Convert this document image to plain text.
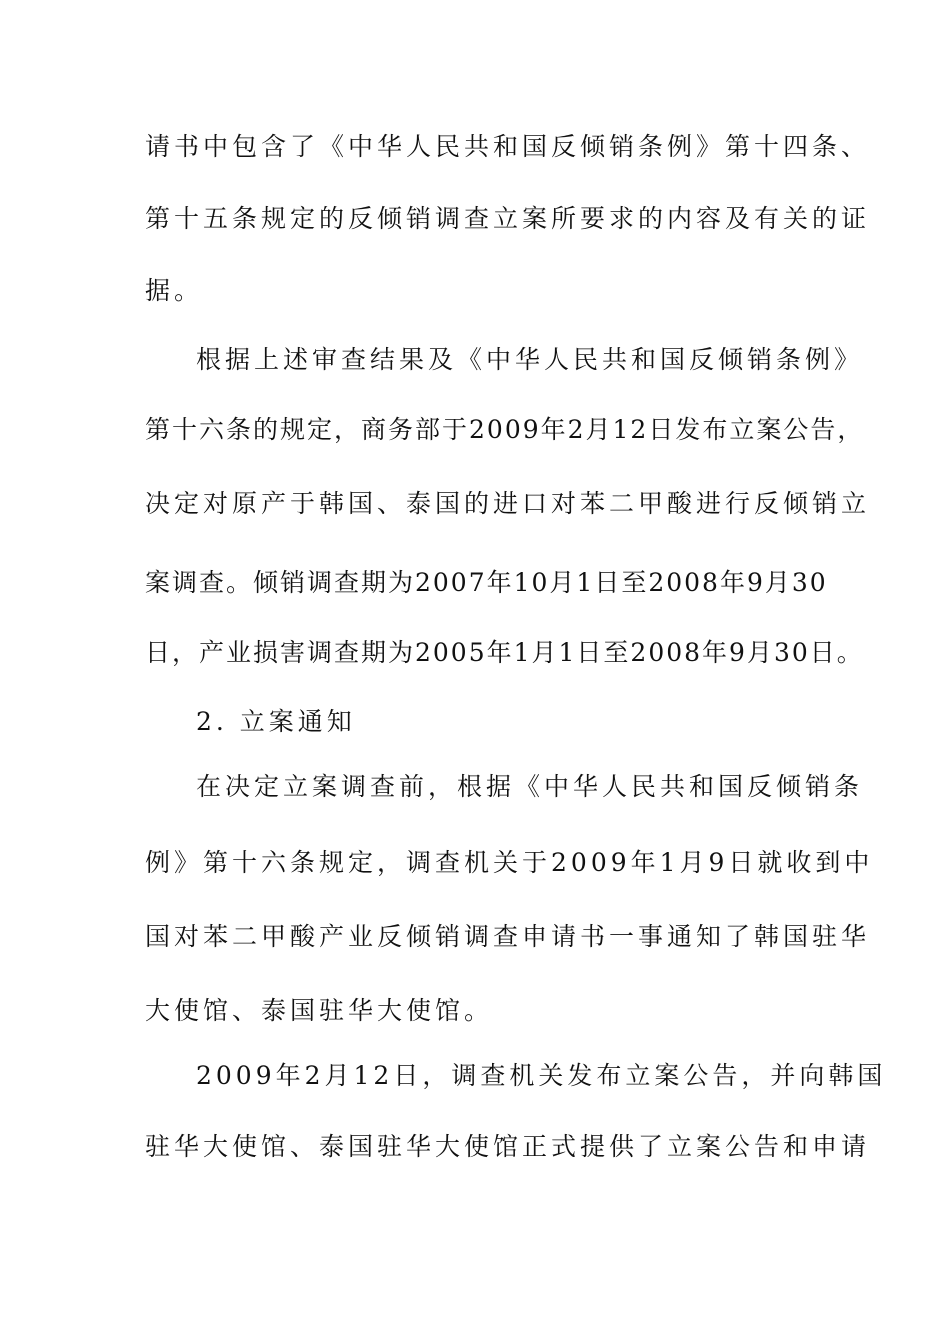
请书中包含了《中华人民共和国反倾销条例》第十四条、
第十五条规定的反倾销调查立案所要求的内容及有关的证
据。
根据上述审查结果及《中华人民共和国反倾销条例》
第十六条的规定，商务部于2009年2月12日发布立案公告，
决定对原产于韩国、泰国的进口对苯二甲酸进行反倾销立
案调查。倾销调查期为2007年10月1日至2008年9月30
日，产业损害调查期为2005年1月1日至2008年9月30日。
2. 立案通知
在决定立案调查前，根据《中华人民共和国反倾销条
例》第十六条规定，调查机关于2009年1月9日就收到中
国对苯二甲酸产业反倾销调查申请书一事通知了韩国驻华
大使馆、泰国驻华大使馆。
2009年2月12日，调查机关发布立案公告，并向韩国
驻华大使馆、泰国驻华大使馆正式提供了立案公告和申请
